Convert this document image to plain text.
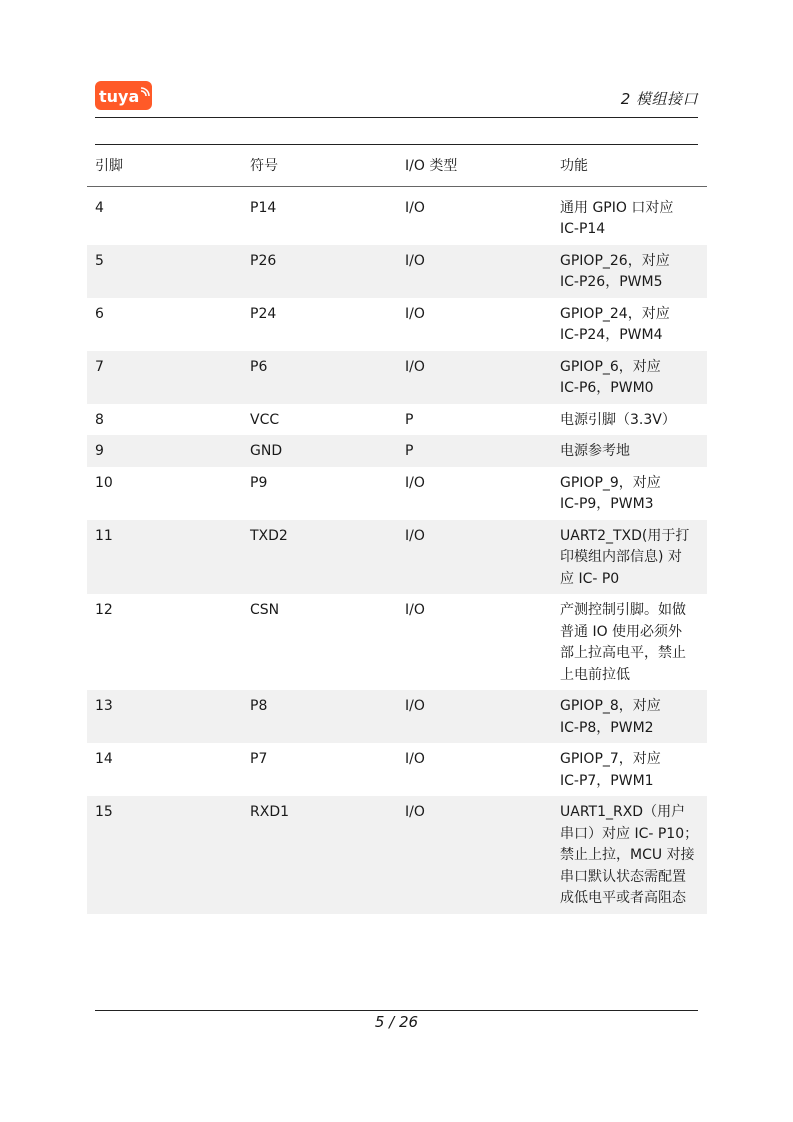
tuya	2 模组接口
引脚	符号	I/O 类型	功能
4	P14	I/O	通用 GPIO 口对应
IC-P14
5	P26	I/O	GPIOP_26，对应
IC-P26，PWM5
6	P24	I/O	GPIOP_24，对应
IC-P24，PWM4
7	P6	I/O	GPIOP_6，对应
IC-P6，PWM0
8	VCC	P	电源引脚（3.3V）
9	GND	P	电源参考地
10	P9	I/O	GPIOP_9，对应
IC-P9，PWM3
11	TXD2	I/O	UART2_TXD(用于打
印模组内部信息) 对
应 IC- P0
12	CSN	I/O	产测控制引脚。如做
普通 IO 使用必须外
部上拉高电平，禁止
上电前拉低
13	P8	I/O	GPIOP_8，对应
IC-P8，PWM2
14	P7	I/O	GPIOP_7，对应
IC-P7，PWM1
15	RXD1	I/O	UART1_RXD（用户
串口）对应 IC- P10；
禁止上拉，MCU 对接
串口默认状态需配置
成低电平或者高阻态
5 / 26
